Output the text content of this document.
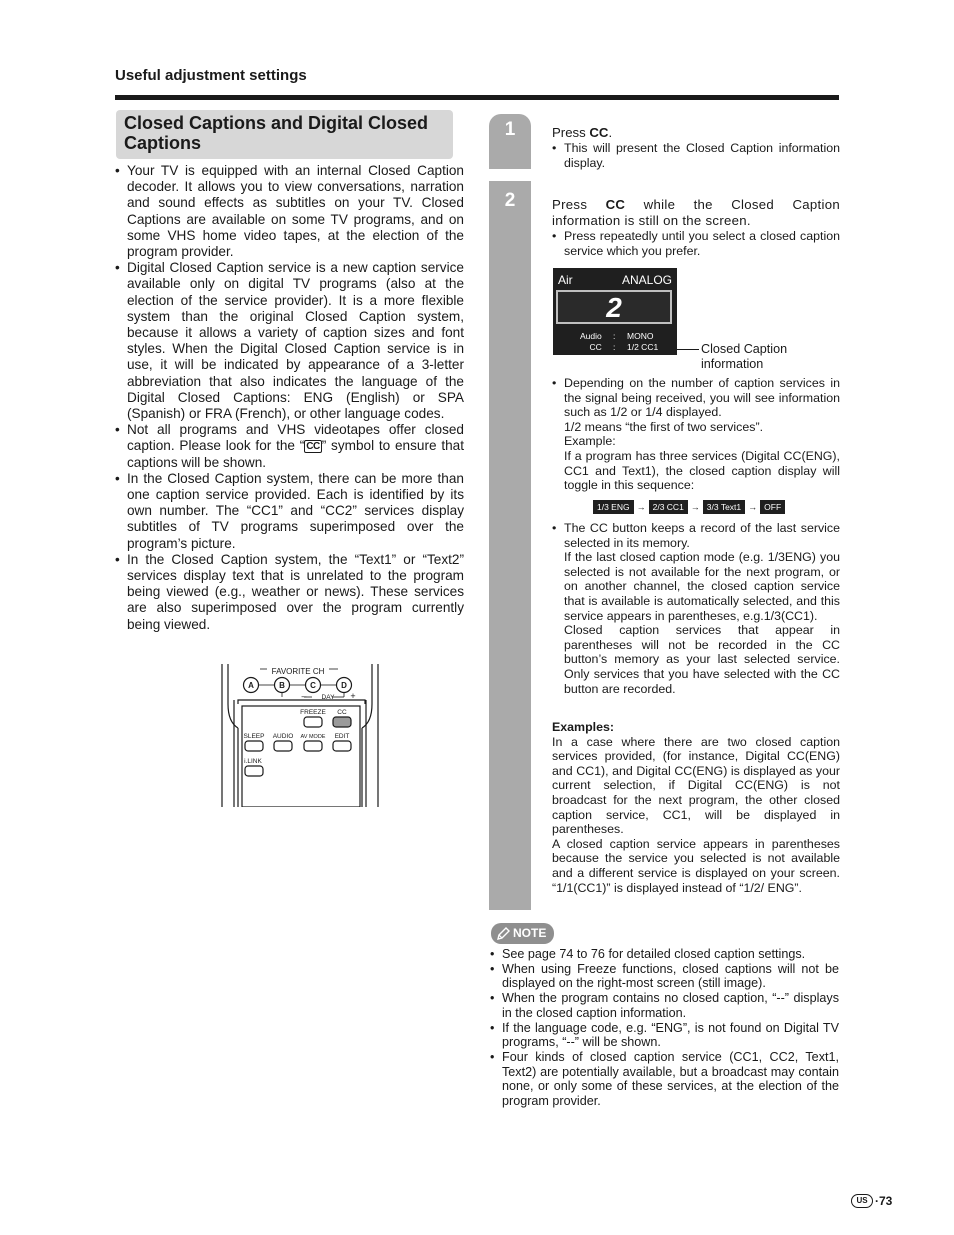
Useful adjustment settings
Closed Captions and Digital Closed
Captions
• Your TV is equipped with an internal Closed Caption decoder. It allows you to view conversations, narration and sound effects as subtitles on your TV. Closed Captions are available on some TV programs, and on some VHS home video tapes, at the election of the program provider.
• Digital Closed Caption service is a new caption service available only on digital TV programs (also at the election of the service provider). It is a more flexible system than the original Closed Caption system, because it allows a variety of caption sizes and font styles. When the Digital Closed Caption service is in use, it will be indicated by appearance of a 3-letter abbreviation that also indicates the language of the Digital Closed Captions: ENG (English) or SPA (Spanish) or FRA (French), or other language codes.
• Not all programs and VHS videotapes offer closed caption. Please look for the “ CC ” symbol to ensure that captions will be shown.
• In the Closed Caption system, there can be more than one caption service provided. Each is identified by its own number. The “CC1” and “CC2” services display subtitles of TV programs superimposed over the program’s picture.
• In the Closed Caption system, the “Text1” or “Text2” services display text that is unrelated to the program being viewed (e.g., weather or news). These services are also superimposed over the program currently being viewed.
FAVORITE CH
A	B	C	D
– DAY +
FREEZE CC
SLEEP AUDIO AV MODE EDIT
i.LINK
1
2
Press CC.
• This will present the Closed Caption information display.
Press CC while the Closed Caption information is still on the screen.
• Press repeatedly until you select a closed caption service which you prefer.
Air	ANALOG
2
Audio
CC
:
:
MONO
1/2 CC1	Closed Caption information
• Depending on the number of caption services in the signal being received, you will see information such as 1/2 or 1/4 displayed.
1/2 means “the first of two services”.
Example:
If a program has three services (Digital CC(ENG), CC1 and Text1), the closed caption display will toggle in this sequence:
1/3 ENG → 2/3 CC1 → 3/3 Text1 → OFF
• The CC button keeps a record of the last service selected in its memory.
If the last closed caption mode (e.g. 1/3ENG) you selected is not available for the next program, or on another channel, the closed caption service that is available is automatically selected, and this service appears in parentheses, e.g.1/3(CC1).
Closed caption services that appear in parentheses will not be recorded in the CC button’s memory as your last selected service. Only services that you have selected with the CC button are recorded.
Examples:
In a case where there are two closed caption services provided, (for instance, Digital CC(ENG) and CC1), and Digital CC(ENG) is displayed as your current selection, if Digital CC(ENG) is not broadcast for the next program, the other closed caption service, CC1, will be displayed in parentheses.
A closed caption service appears in parentheses because the service you selected is not available and a different service is displayed on your screen. “1/1(CC1)” is displayed instead of “1/2/ ENG”.
NOTE
• See page 74 to 76 for detailed closed caption settings.
• When using Freeze functions, closed captions will not be displayed on the right-most screen (still image).
• When the program contains no closed caption, “--” displays in the closed caption information.
• If the language code, e.g. “ENG”, is not found on Digital TV programs, “--” will be shown.
• Four kinds of closed caption service (CC1, CC2, Text1, Text2) are potentially available, but a broadcast may contain none, or only some of these services, at the election of the program provider.
US ·73
